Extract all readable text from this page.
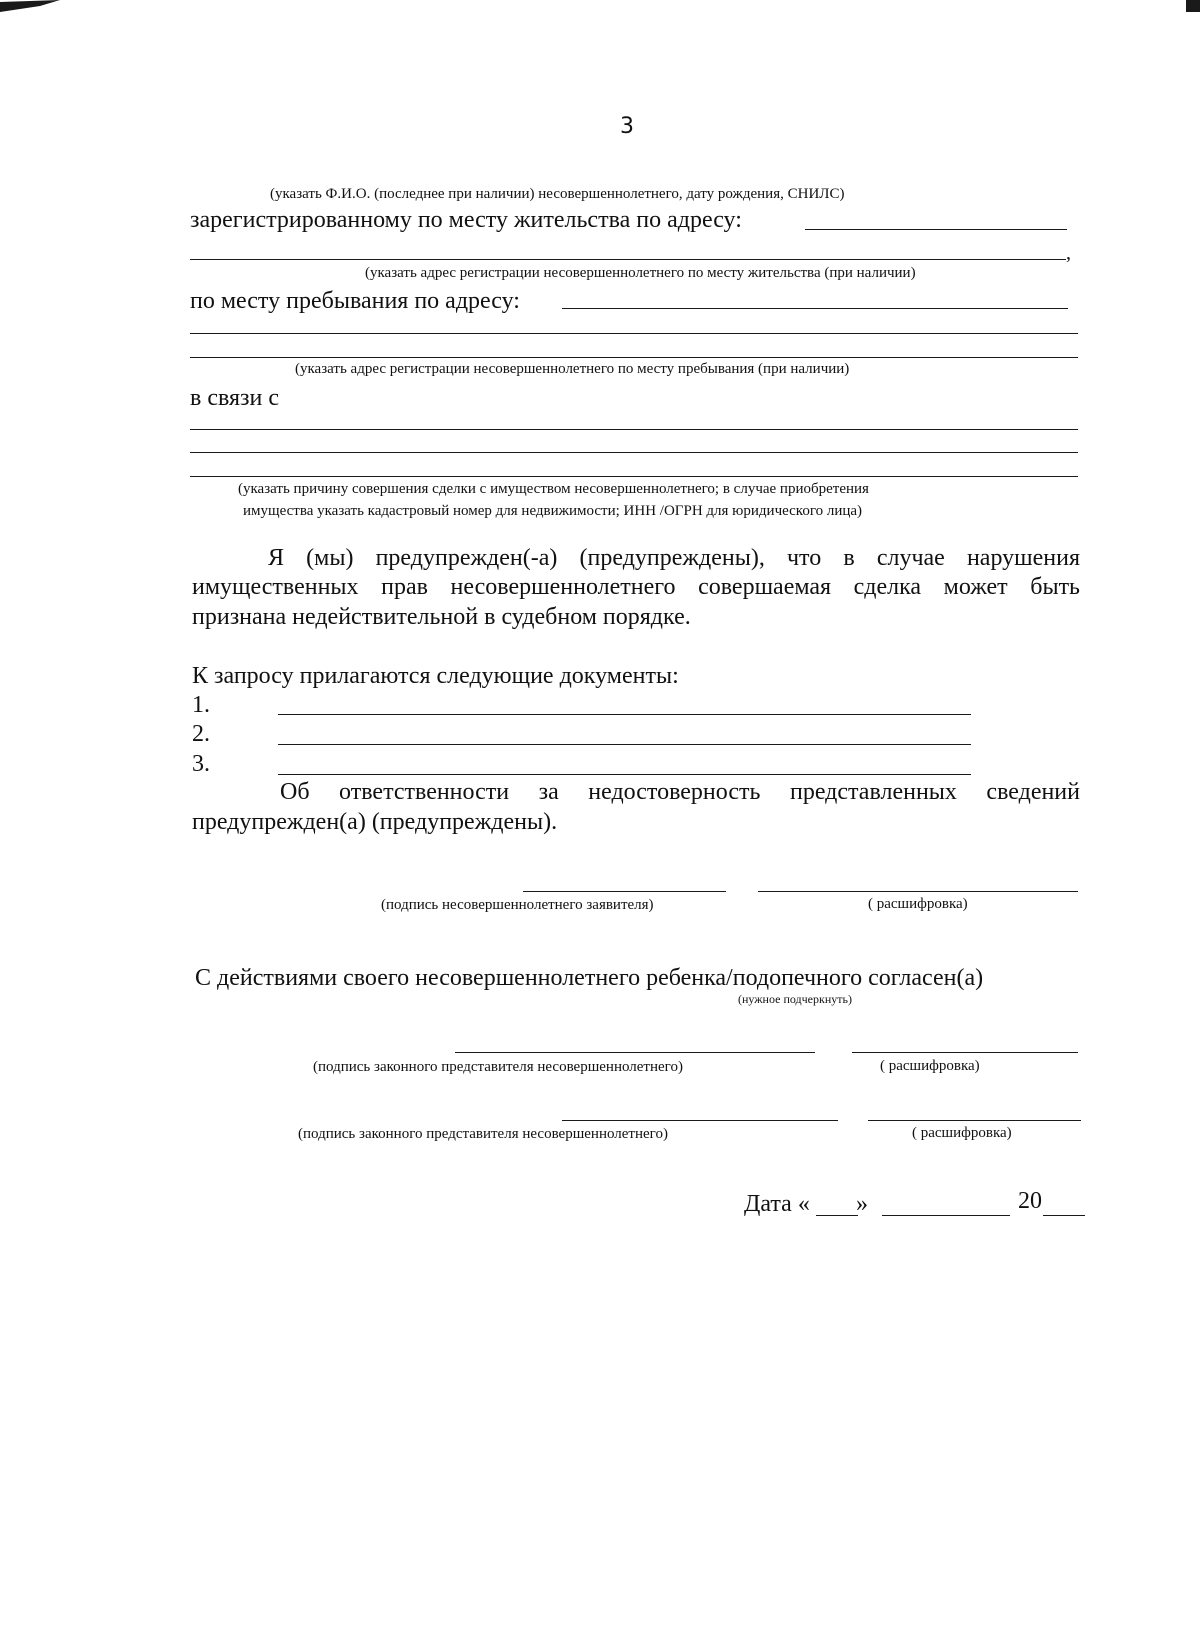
3
(указать Ф.И.О. (последнее при наличии) несовершеннолетнего, дату рождения, СНИЛС)
зарегистрированному по месту жительства по адресу:
,
(указать адрес регистрации несовершеннолетнего по месту жительства (при наличии)
по месту пребывания по адресу:
(указать адрес регистрации несовершеннолетнего по месту пребывания (при наличии)
в связи с
(указать причину совершения сделки с имуществом несовершеннолетнего; в случае приобретения
имущества указать кадастровый номер для недвижимости; ИНН /ОГРН для юридического лица)
Я (мы) предупрежден(-а) (предупреждены), что в случае нарушения
имущественных прав несовершеннолетнего совершаемая сделка может быть
признана недействительной в судебном порядке.
К запросу прилагаются следующие документы:
1.
2.
3.
Об ответственности за недостоверность представленных сведений
предупрежден(а) (предупреждены).
(подпись несовершеннолетнего заявителя)	( расшифровка)
С действиями своего несовершеннолетнего ребенка/подопечного согласен(а)
(нужное подчеркнуть)
(подпись законного представителя несовершеннолетнего)	( расшифровка)
(подпись законного представителя несовершеннолетнего)	( расшифровка)
Дата « »	20
